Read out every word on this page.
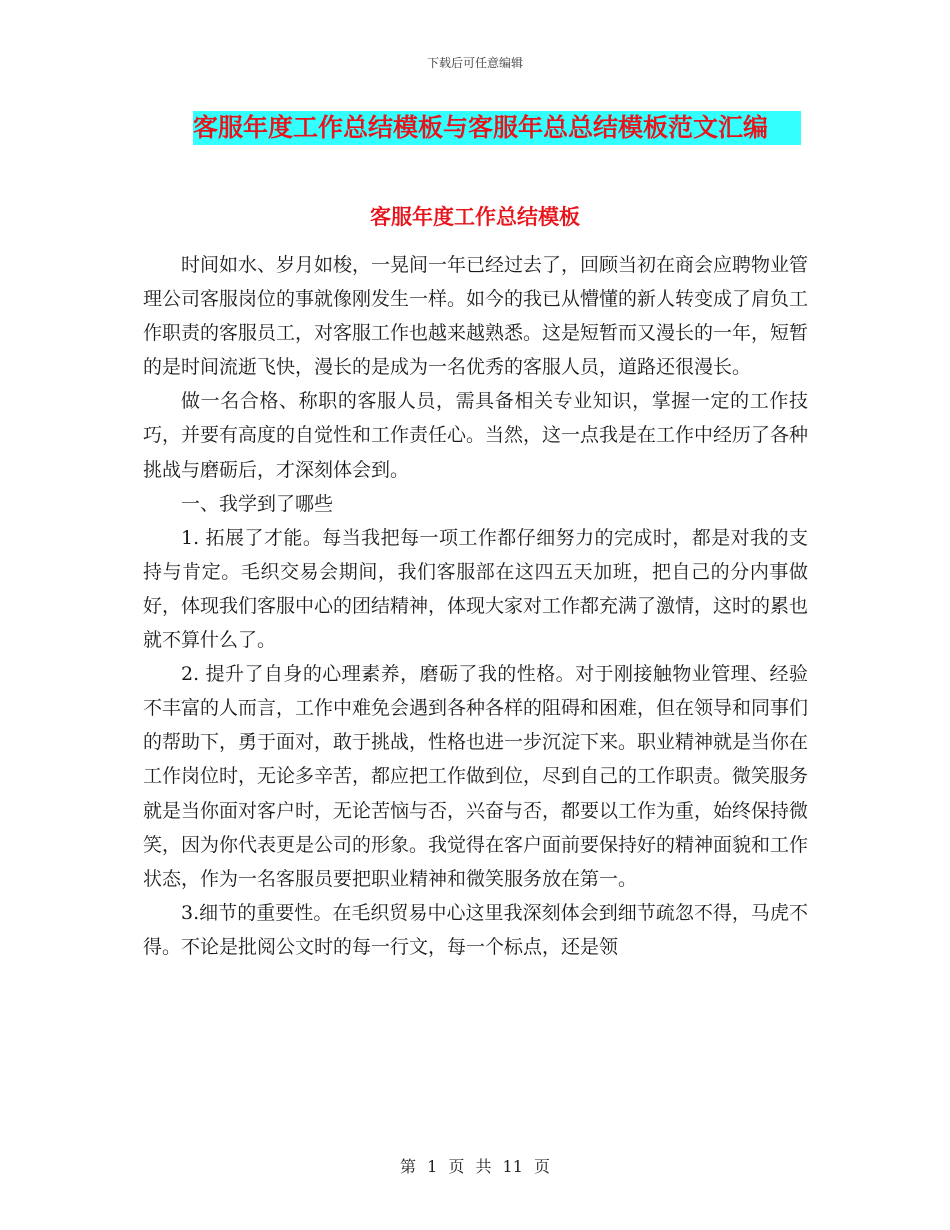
下载后可任意编辑
客服年度工作总结模板与客服年总总结模板范文汇编
客服年度工作总结模板

时间如水、岁月如梭，一晃间一年已经过去了，回顾当初在商会应聘物业管理公司客服岗位的事就像刚发生一样。如今的我已从懵懂的新人转变成了肩负工作职责的客服员工，对客服工作也越来越熟悉。这是短暂而又漫长的一年，短暂的是时间流逝飞快，漫长的是成为一名优秀的客服人员，道路还很漫长。

做一名合格、称职的客服人员，需具备相关专业知识，掌握一定的工作技巧，并要有高度的自觉性和工作责任心。当然，这一点我是在工作中经历了各种挑战与磨砺后，才深刻体会到。

一、我学到了哪些

1. 拓展了才能。每当我把每一项工作都仔细努力的完成时，都是对我的支持与肯定。毛织交易会期间，我们客服部在这四五天加班，把自己的分内事做好，体现我们客服中心的团结精神，体现大家对工作都充满了激情，这时的累也就不算什么了。

2. 提升了自身的心理素养，磨砺了我的性格。对于刚接触物业管理、经验不丰富的人而言，工作中难免会遇到各种各样的阻碍和困难，但在领导和同事们的帮助下，勇于面对，敢于挑战，性格也进一步沉淀下来。职业精神就是当你在工作岗位时，无论多辛苦，都应把工作做到位，尽到自己的工作职责。微笑服务就是当你面对客户时，无论苦恼与否，兴奋与否，都要以工作为重，始终保持微笑，因为你代表更是公司的形象。我觉得在客户面前要保持好的精神面貌和工作状态，作为一名客服员要把职业精神和微笑服务放在第一。

3.细节的重要性。在毛织贸易中心这里我深刻体会到细节疏忽不得，马虎不得。不论是批阅公文时的每一行文，每一个标点，还是领

第 1 页 共 11 页
